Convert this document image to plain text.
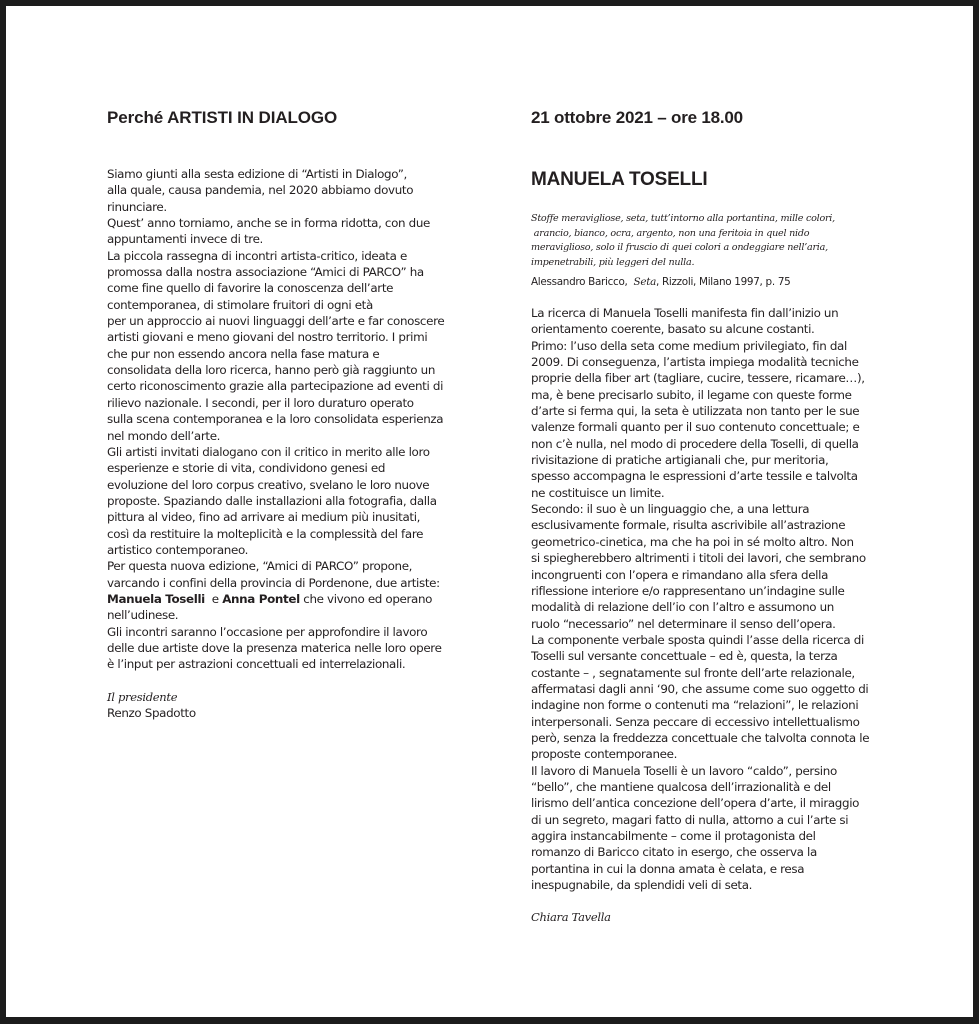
Perché ARTISTI IN DIALOGO

Siamo giunti alla sesta edizione di “Artisti in Dialogo”,
alla quale, causa pandemia, nel 2020 abbiamo dovuto
rinunciare.

Quest’ anno torniamo, anche se in forma ridotta, con due
appuntamenti invece di tre.

La piccola rassegna di incontri artista-critico, ideata e
promossa dalla nostra associazione “Amici di PARCO” ha
come fine quello di favorire la conoscenza dell’arte
contemporanea, di stimolare fruitori di ogni età
per un approccio ai nuovi linguaggi dell’arte e far conoscere
artisti giovani e meno giovani del nostro territorio. I primi
che pur non essendo ancora nella fase matura e
consolidata della loro ricerca, hanno però già raggiunto un
certo riconoscimento grazie alla partecipazione ad eventi di
rilievo nazionale. I secondi, per il loro duraturo operato
sulla scena contemporanea e la loro consolidata esperienza
nel mondo dell’arte.

Gli artisti invitati dialogano con il critico in merito alle loro
esperienze e storie di vita, condividono genesi ed
evoluzione del loro corpus creativo, svelano le loro nuove
proposte. Spaziando dalle installazioni alla fotografia, dalla
pittura al video, fino ad arrivare ai medium più inusitati,
così da restituire la molteplicità e la complessità del fare
artistico contemporaneo.

Per questa nuova edizione, “Amici di PARCO” propone,
varcando i confini della provincia di Pordenone, due artiste:
Manuela Toselli e Anna Pontel che vivono ed operano
nell’udinese.

Gli incontri saranno l’occasione per approfondire il lavoro
delle due artiste dove la presenza materica nelle loro opere
è l’input per astrazioni concettuali ed interrelazionali.

Il presidente
Renzo Spadotto
21 ottobre 2021 – ore 18.00
MANUELA TOSELLI
Stoffe meravigliose, seta, tutt’intorno alla portantina, mille colori,
arancio, bianco, ocra, argento, non una feritoia in quel nido
meraviglioso, solo il fruscio di quei colori a ondeggiare nell’aria,
impenetrabili, più leggeri del nulla.

Alessandro Baricco, Seta, Rizzoli, Milano 1997, p. 75

La ricerca di Manuela Toselli manifesta fin dall’inizio un
orientamento coerente, basato su alcune costanti.
Primo: l’uso della seta come medium privilegiato, fin dal
2009. Di conseguenza, l’artista impiega modalità tecniche
proprie della fiber art (tagliare, cucire, tessere, ricamare…),
ma, è bene precisarlo subito, il legame con queste forme
d’arte si ferma qui, la seta è utilizzata non tanto per le sue
valenze formali quanto per il suo contenuto concettuale; e
non c’è nulla, nel modo di procedere della Toselli, di quella
rivisitazione di pratiche artigianali che, pur meritoria,
spesso accompagna le espressioni d’arte tessile e talvolta
ne costituisce un limite.
Secondo: il suo è un linguaggio che, a una lettura
esclusivamente formale, risulta ascrivibile all’astrazione
geometrico-cinetica, ma che ha poi in sé molto altro. Non
si spiegherebbero altrimenti i titoli dei lavori, che sembrano
incongruenti con l’opera e rimandano alla sfera della
riflessione interiore e/o rappresentano un’indagine sulle
modalità di relazione dell’io con l’altro e assumono un
ruolo “necessario” nel determinare il senso dell’opera.
La componente verbale sposta quindi l’asse della ricerca di
Toselli sul versante concettuale – ed è, questa, la terza
costante – , segnatamente sul fronte dell’arte relazionale,
affermatasi dagli anni ‘90, che assume come suo oggetto di
indagine non forme o contenuti ma “relazioni”, le relazioni
interpersonali. Senza peccare di eccessivo intellettualismo
però, senza la freddezza concettuale che talvolta connota le
proposte contemporanee.
Il lavoro di Manuela Toselli è un lavoro “caldo”, persino
“bello”, che mantiene qualcosa dell’irrazionalità e del
lirismo dell’antica concezione dell’opera d’arte, il miraggio
di un segreto, magari fatto di nulla, attorno a cui l’arte si
aggira instancabilmente – come il protagonista del
romanzo di Baricco citato in esergo, che osserva la
portantina in cui la donna amata è celata, e resa
inespugnabile, da splendidi veli di seta.

Chiara Tavella
